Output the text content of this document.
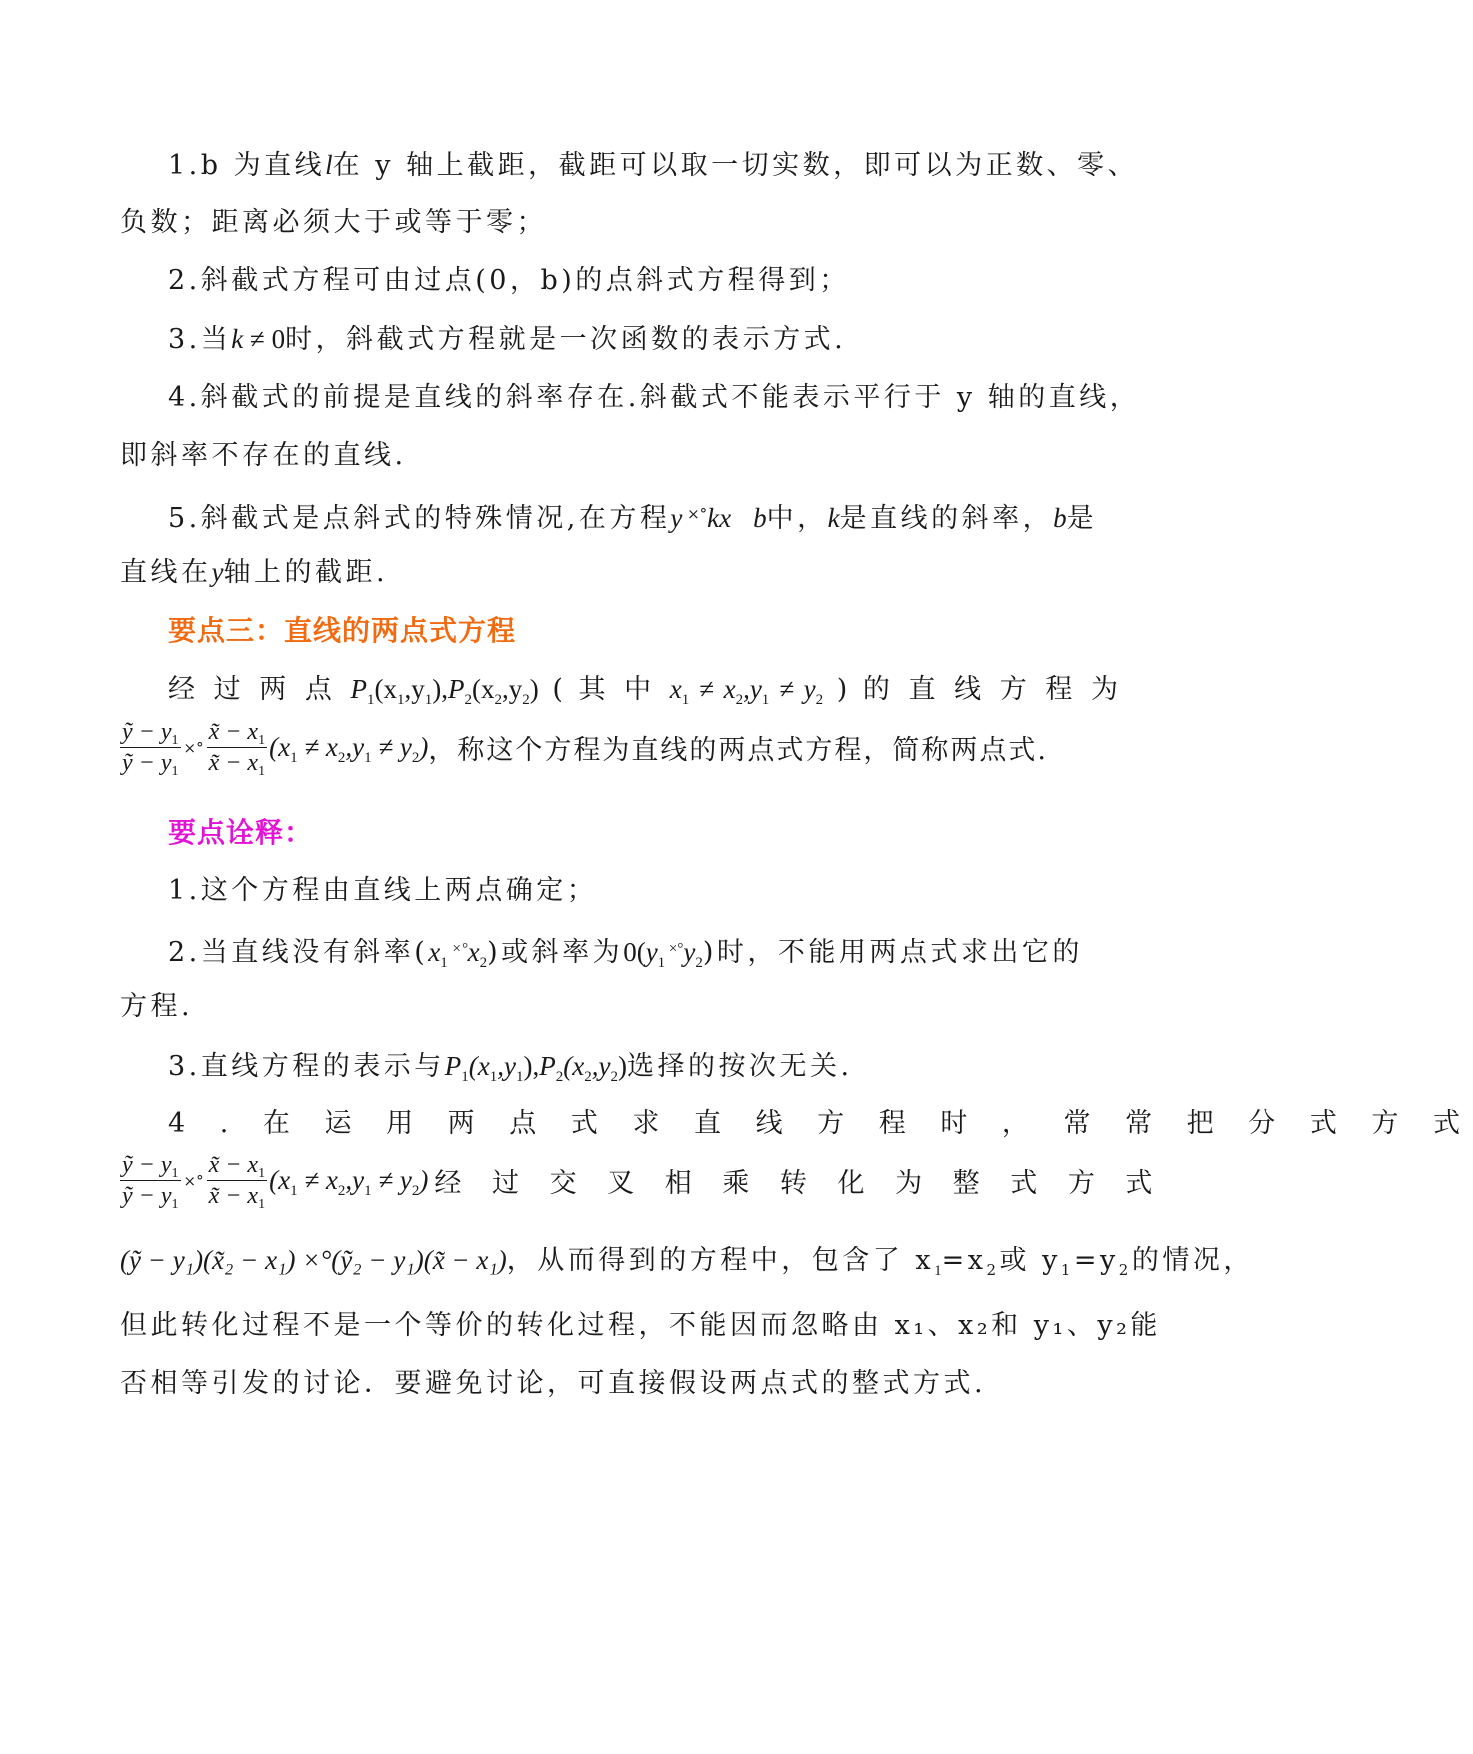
1.b 为直线l在 y 轴上截距，截距可以取一切实数，即可以为正数、零、
负数；距离必须大于或等于零；
2.斜截式方程可由过点(0，b)的点斜式方程得到；
3.当k ≠ 0时，斜截式方程就是一次函数的表示方式.
4.斜截式的前提是直线的斜率存在.斜截式不能表示平行于 y 轴的直线，
即斜率不存在的直线.
5.斜截式是点斜式的特殊情况,在方程y ×°kx b中，k是直线的斜率，b是
直线在y轴上的截距.
要点三：直线的两点式方程
经 过 两 点 $P_1(x_1,y_1),P_2(x_2,y_2)$ ( 其 中 $x_1 \ne x_2,y_1 \ne y_2$ ) 的 直 线 方 程 为
$\frac{ỹ - y_1}{ỹ - y_1}$ ×° $\frac{x̃ - x_1}{x̃ - x_1} (x_1 \ne x_2,y_1 \ne y_2)$ ，称这个方程为直线的两点式方程，简称两点式.
要点诠释：
1.这个方程由直线上两点确定；
2.当直线没有斜率($x_1$ $^{\times^\circ}x_2$)或斜率为$0(y_1$ $^{\times^\circ}y_2$)时，不能用两点式求出它的
方程.
3.直线方程的表示与$P_1(x_1,y_1),P_2(x_2,y_2)$选择的按次无关.
4 . 在 运 用 两 点 式 求 直 线 方 程 时 ， 常 常 把 分 式 方 式
$\frac{ỹ - y_1}{ỹ - y_1}$ ×° $\frac{x̃ - x_1}{x̃ - x_1} (x_1 \ne x_2,y_1 \ne y_2)$ 经 过 交 叉 相 乘 转 化 为 整 式 方 式
(ỹ − y₁)(x̃₂ − x₁) ×°(ỹ₂ − y₁)(x̃ − x₁)，从而得到的方程中，包含了 $x_1=x_2$或 $y_1=y_2$的情况，
但此转化过程不是一个等价的转化过程，不能因而忽略由 x₁、x₂和 y₁、y₂能
否相等引发的讨论．要避免讨论，可直接假设两点式的整式方式.
